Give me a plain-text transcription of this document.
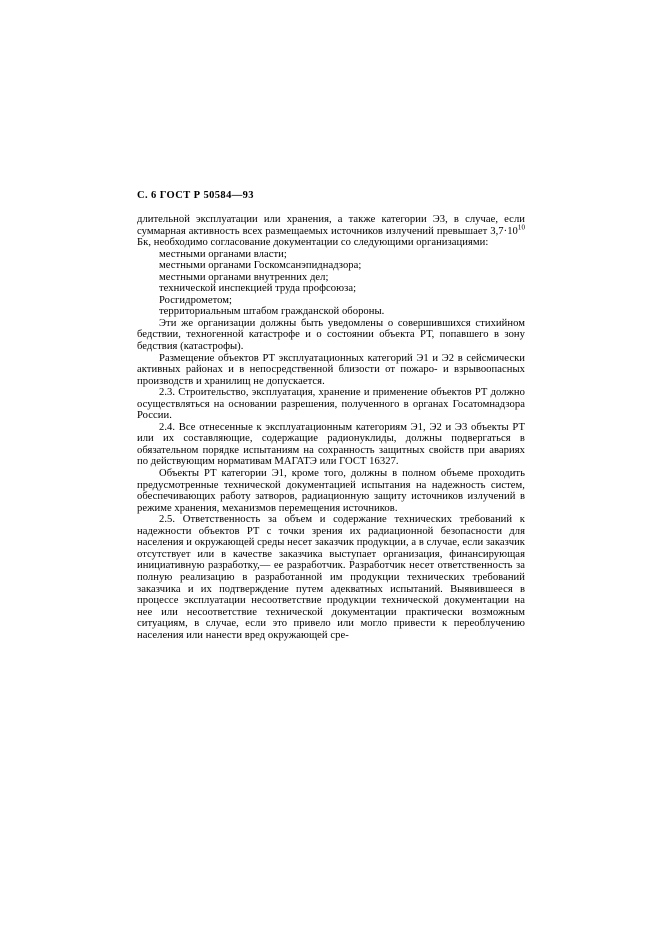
С. 6 ГОСТ Р 50584—93

длительной эксплуатации или хранения, а также категории Э3, в случае, если суммарная активность всех размещаемых источников излучений превышает $3,7\cdot 10^{10}$ Бк, необходимо согласование документации со следующими организациями:

местными органами власти;
местными органами Госкомсанэпиднадзора;
местными органами внутренних дел;
технической инспекцией труда профсоюза;
Росгидрометом;
территориальным штабом гражданской обороны.

Эти же организации должны быть уведомлены о совершившихся стихийном бедствии, техногенной катастрофе и о состоянии объекта РТ, попавшего в зону бедствия (катастрофы).

Размещение объектов РТ эксплуатационных категорий Э1 и Э2 в сейсмически активных районах и в непосредственной близости от пожаро- и взрывоопасных производств и хранилищ не допускается.

2.3. Строительство, эксплуатация, хранение и применение объектов РТ должно осуществляться на основании разрешения, полученного в органах Госатомнадзора России.

2.4. Все отнесенные к эксплуатационным категориям Э1, Э2 и Э3 объекты РТ или их составляющие, содержащие радионуклиды, должны подвергаться в обязательном порядке испытаниям на сохранность защитных свойств при авариях по действующим нормативам МАГАТЭ или ГОСТ 16327.

Объекты РТ категории Э1, кроме того, должны в полном объеме проходить предусмотренные технической документацией испытания на надежность систем, обеспечивающих работу затворов, радиационную защиту источников излучений в режиме хранения, механизмов перемещения источников.

2.5. Ответственность за объем и содержание технических требований к надежности объектов РТ с точки зрения их радиационной безопасности для населения и окружающей среды несет заказчик продукции, а в случае, если заказчик отсутствует или в качестве заказчика выступает организация, финансирующая инициативную разработку,— ее разработчик. Разработчик несет ответственность за полную реализацию в разработанной им продукции технических требований заказчика и их подтверждение путем адекватных испытаний. Выявившееся в процессе эксплуатации несоответствие продукции технической документации на нее или несоответствие технической документации практически возможным ситуациям, в случае, если это привело или могло привести к переоблучению населения или нанести вред окружающей сре-
